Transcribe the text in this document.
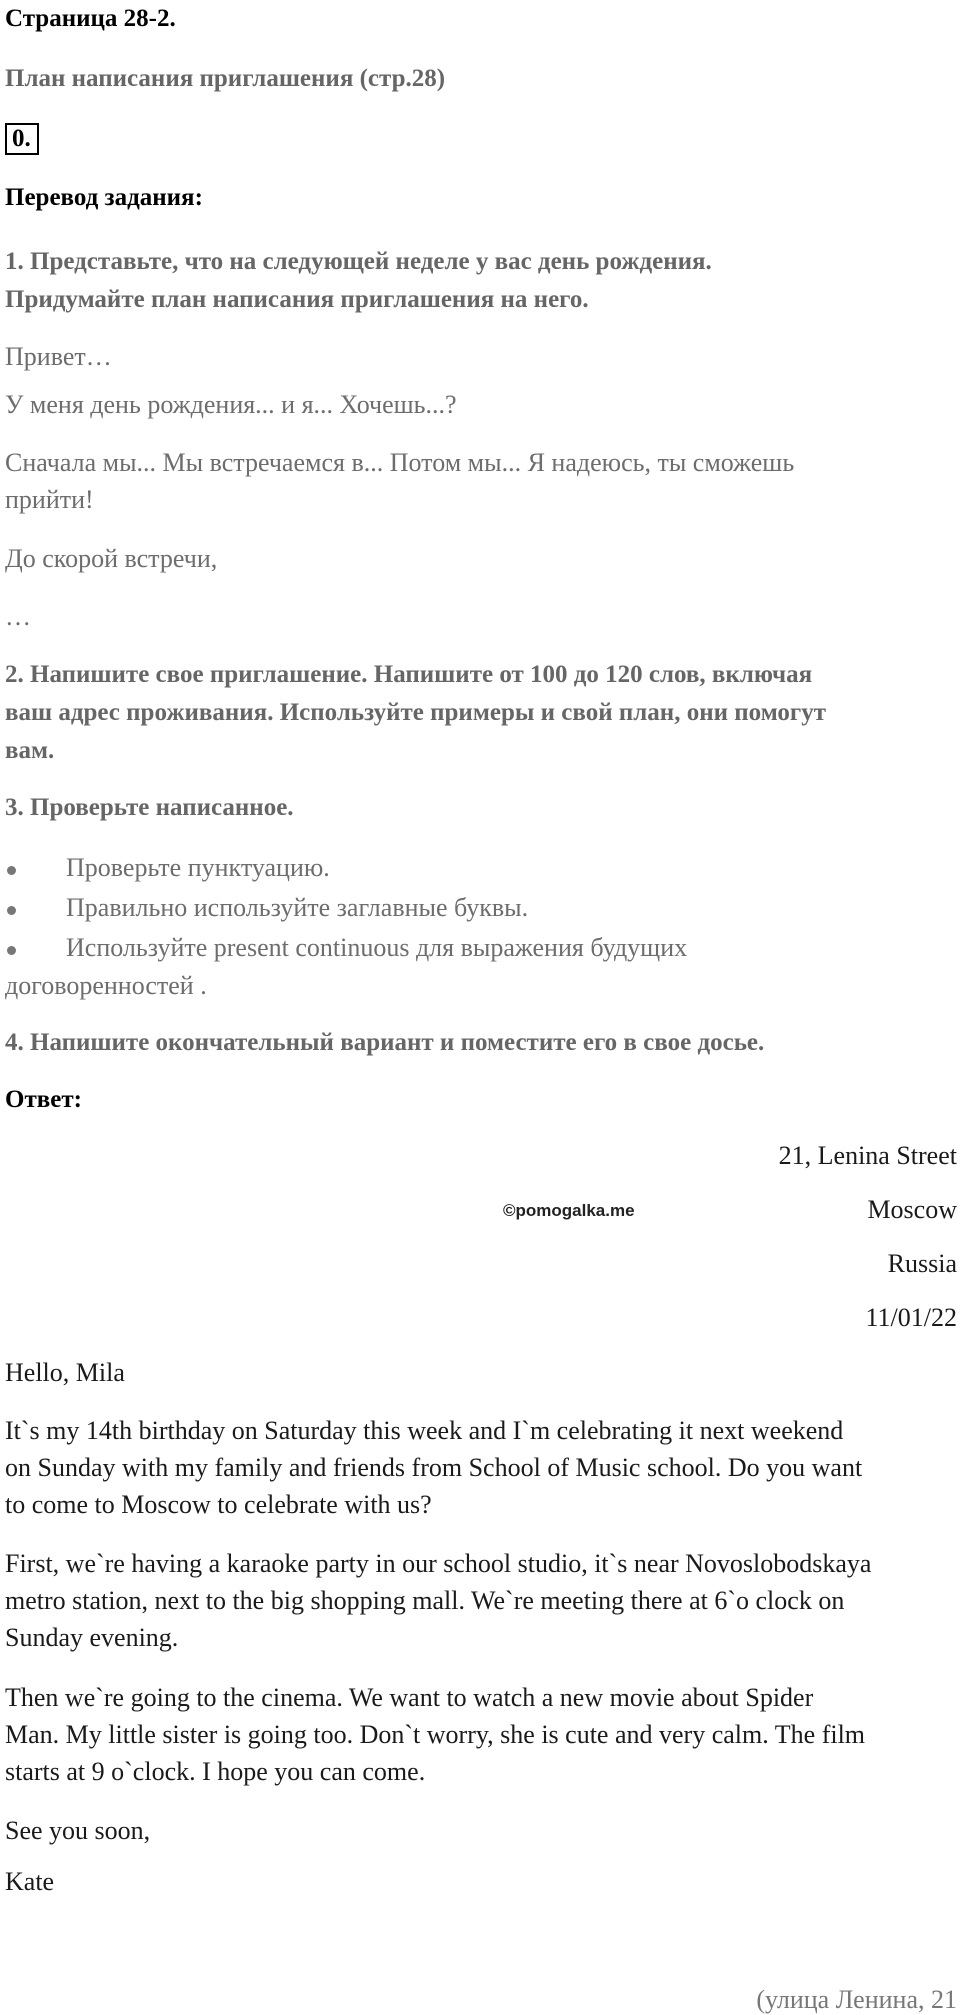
Страница 28-2.
План написания приглашения (стр.28)
0.
Перевод задания:
1. Представьте, что на следующей неделе у вас день рождения.
Придумайте план написания приглашения на него.
Привет…
У меня день рождения... и я... Хочешь...?
Сначала мы... Мы встречаемся в... Потом мы... Я надеюсь, ты сможешь
прийти!
До скорой встречи,
…
2. Напишите свое приглашение. Напишите от 100 до 120 слов, включая
ваш адрес проживания. Используйте примеры и свой план, они помогут
вам.
3. Проверьте написанное.
Проверьте пунктуацию.
Правильно используйте заглавные буквы.
Используйте present continuous для выражения будущих
договоренностей .
4. Напишите окончательный вариант и поместите его в свое досье.
Ответ:
21, Lenina Street
Moscow
Russia
11/01/22
©pomogalka.me
Hello, Mila
It`s my 14th birthday on Saturday this week and I`m celebrating it next weekend
on Sunday with my family and friends from School of Music school. Do you want
to come to Moscow to celebrate with us?
First, we`re having a karaoke party in our school studio, it`s near Novoslobodskaya
metro station, next to the big shopping mall. We`re meeting there at 6`o clock on
Sunday evening.
Then we`re going to the cinema. We want to watch a new movie about Spider
Man. My little sister is going too. Don`t worry, she is cute and very calm. The film
starts at 9 o`clock. I hope you can come.
See you soon,
Kate
(улица Ленина, 21
